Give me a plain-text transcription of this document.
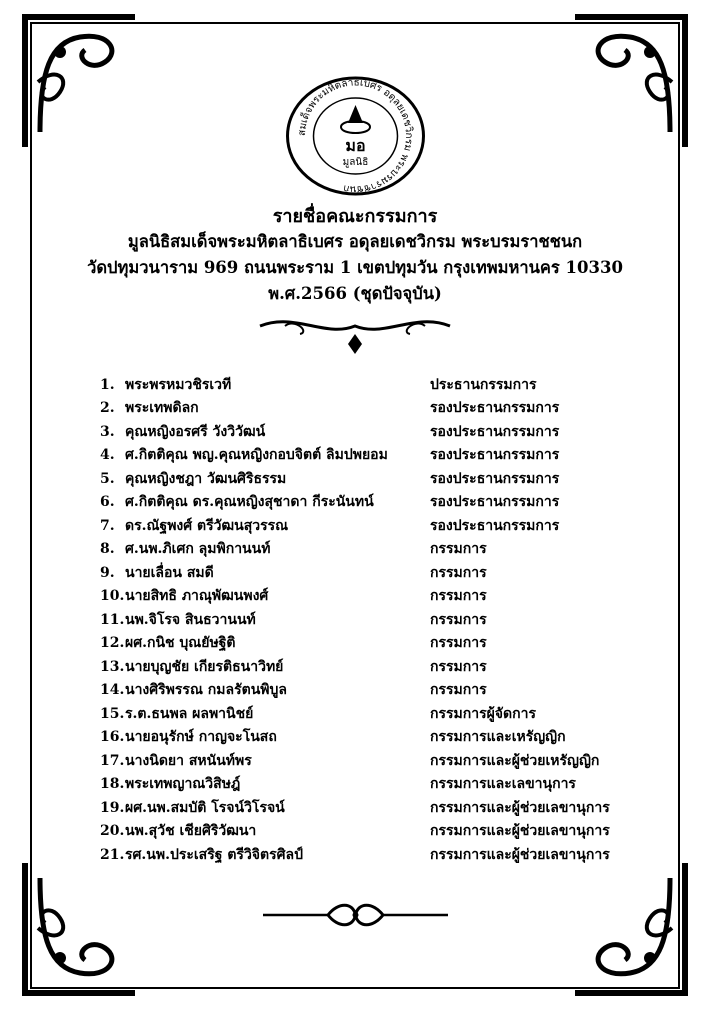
สมเด็จพระมหิตลาธิเบศร อดุลยเดชวิกรม พระบรมราชชนก
มอ
มูลนิธิ
รายชื่อคณะกรรมการ
มูลนิธิสมเด็จพระมหิตลาธิเบศร อดุลยเดชวิกรม พระบรมราชชนก
วัดปทุมวนาราม 969 ถนนพระราม 1 เขตปทุมวัน กรุงเทพมหานคร 10330
พ.ศ.2566 (ชุดปัจจุบัน)
1. พระพรหมวชิรเวที	ประธานกรรมการ
2. พระเทพดิลก	รองประธานกรรมการ
3. คุณหญิงอรศรี วังวิวัฒน์	รองประธานกรรมการ
4. ศ.กิตติคุณ พญ.คุณหญิงกอบจิตต์ ลิมปพยอม	รองประธานกรรมการ
5. คุณหญิงชฎา วัฒนศิริธรรม	รองประธานกรรมการ
6. ศ.กิตติคุณ ดร.คุณหญิงสุชาดา กีระนันทน์	รองประธานกรรมการ
7. ดร.ณัฐพงศ์ ตรีวัฒนสุวรรณ	รองประธานกรรมการ
8. ศ.นพ.ภิเศก ลุมพิกานนท์	กรรมการ
9. นายเลื่อน สมดี	กรรมการ
10. นายสิทธิ ภาณุพัฒนพงศ์	กรรมการ
11. นพ.จิโรจ สินธวานนท์	กรรมการ
12. ผศ.กนิช บุณยัษฐิติ	กรรมการ
13. นายบุญชัย เกียรติธนาวิทย์	กรรมการ
14. นางศิริพรรณ กมลรัตนพิบูล	กรรมการ
15. ร.ต.ธนพล ผลพานิชย์	กรรมการผู้จัดการ
16. นายอนุรักษ์ กาญจะโนสถ	กรรมการและเหรัญญิก
17. นางนิดยา สหนันท์พร	กรรมการและผู้ช่วยเหรัญญิก
18. พระเทพญาณวิสิษฎ์	กรรมการและเลขานุการ
19. ผศ.นพ.สมบัติ โรจน์วิโรจน์	กรรมการและผู้ช่วยเลขานุการ
20. นพ.สุวัช เชียศิริวัฒนา	กรรมการและผู้ช่วยเลขานุการ
21. รศ.นพ.ประเสริฐ ตรีวิจิตรศิลป์	กรรมการและผู้ช่วยเลขานุการ
